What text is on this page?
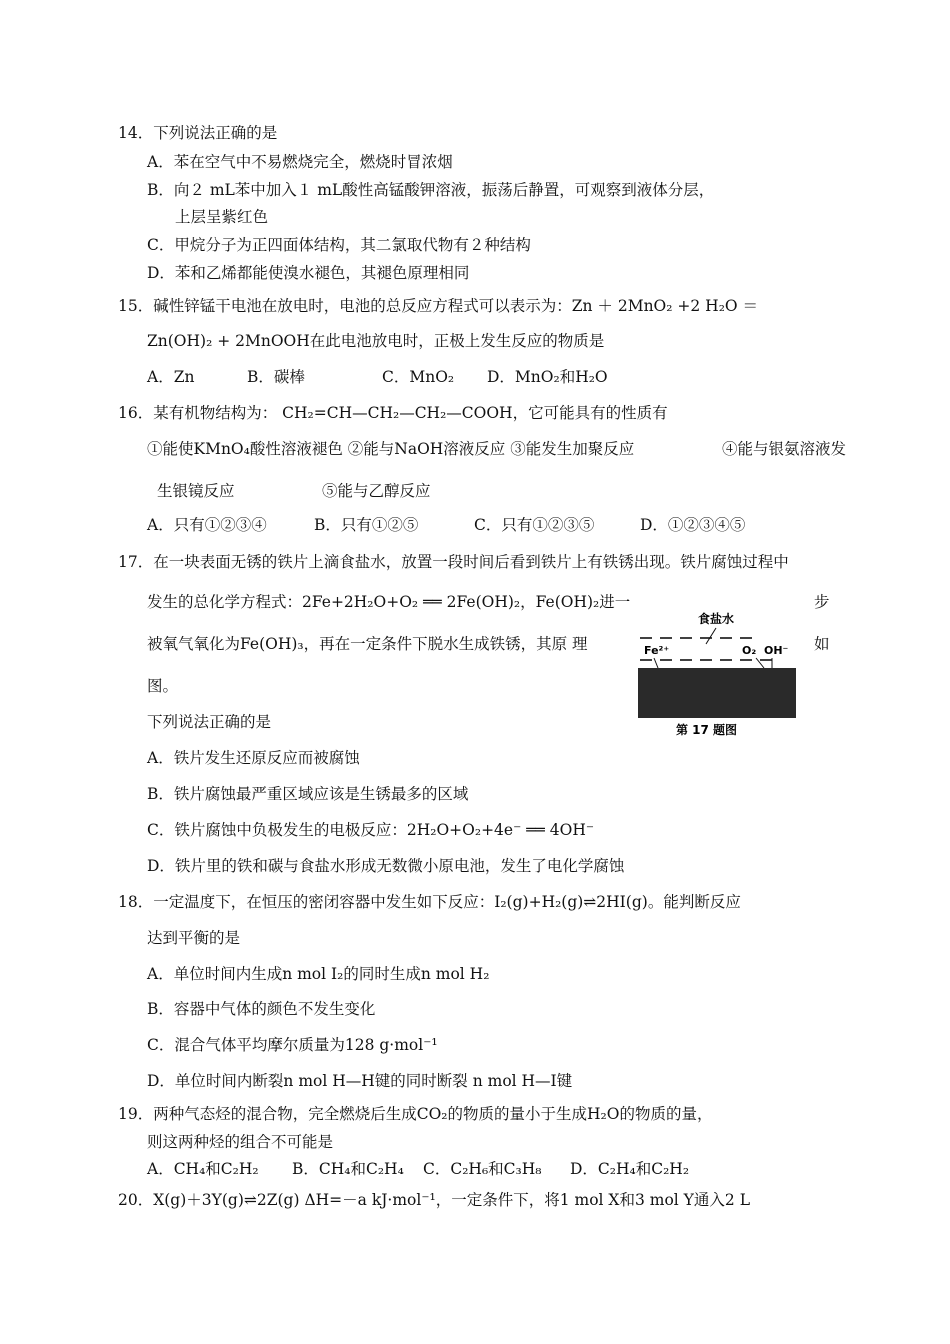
14．下列说法正确的是
A．苯在空气中不易燃烧完全，燃烧时冒浓烟
B．向２ mL苯中加入１ mL酸性高锰酸钾溶液，振荡后静置，可观察到液体分层，
上层呈紫红色
C．甲烷分子为正四面体结构，其二氯取代物有２种结构
D．苯和乙烯都能使溴水褪色，其褪色原理相同
15．碱性锌锰干电池在放电时，电池的总反应方程式可以表示为：Zn ＋ 2MnO₂ +2 H₂O ＝
Zn(OH)₂ + 2MnOOH在此电池放电时，正极上发生反应的物质是
A．Zn	B．碳棒	C．MnO₂ D．MnO₂和H₂O
16．某有机物结构为： CH₂=CH—CH₂—CH₂—COOH，它可能具有的性质有
①能使KMnO₄酸性溶液褪色 ②能与NaOH溶液反应 ③能发生加聚反应	④能与银氨溶液发
生银镜反应	⑤能与乙醇反应
A．只有①②③④	B．只有①②⑤	C．只有①②③⑤	D．①②③④⑤
17．在一块表面无锈的铁片上滴食盐水，放置一段时间后看到铁片上有铁锈出现。铁片腐蚀过程中
发生的总化学方程式：2Fe+2H₂O+O₂ ══ 2Fe(OH)₂，Fe(OH)₂进一	步
被氧气氧化为Fe(OH)₃，再在一定条件下脱水生成铁锈，其原 理	如
图。
下列说法正确的是
食盐水
Fe²⁺	O₂ OH⁻
第 17 题图
A．铁片发生还原反应而被腐蚀
B．铁片腐蚀最严重区域应该是生锈最多的区域
C．铁片腐蚀中负极发生的电极反应：2H₂O+O₂+4e⁻ ══ 4OH⁻
D．铁片里的铁和碳与食盐水形成无数微小原电池，发生了电化学腐蚀
18．一定温度下，在恒压的密闭容器中发生如下反应：I₂(g)+H₂(g)⇌2HI(g)。能判断反应
达到平衡的是
A．单位时间内生成n mol I₂的同时生成n mol H₂
B．容器中气体的颜色不发生变化
C．混合气体平均摩尔质量为128 g·mol⁻¹
D．单位时间内断裂n mol H—H键的同时断裂 n mol H—I键
19．两种气态烃的混合物，完全燃烧后生成CO₂的物质的量小于生成H₂O的物质的量，
则这两种烃的组合不可能是
A．CH₄和C₂H₂ B．CH₄和C₂H₄ C．C₂H₆和C₃H₈ D．C₂H₄和C₂H₂
20．X(g)＋3Y(g)⇌2Z(g) ΔH=－a kJ·mol⁻¹，一定条件下，将1 mol X和3 mol Y通入2 L
